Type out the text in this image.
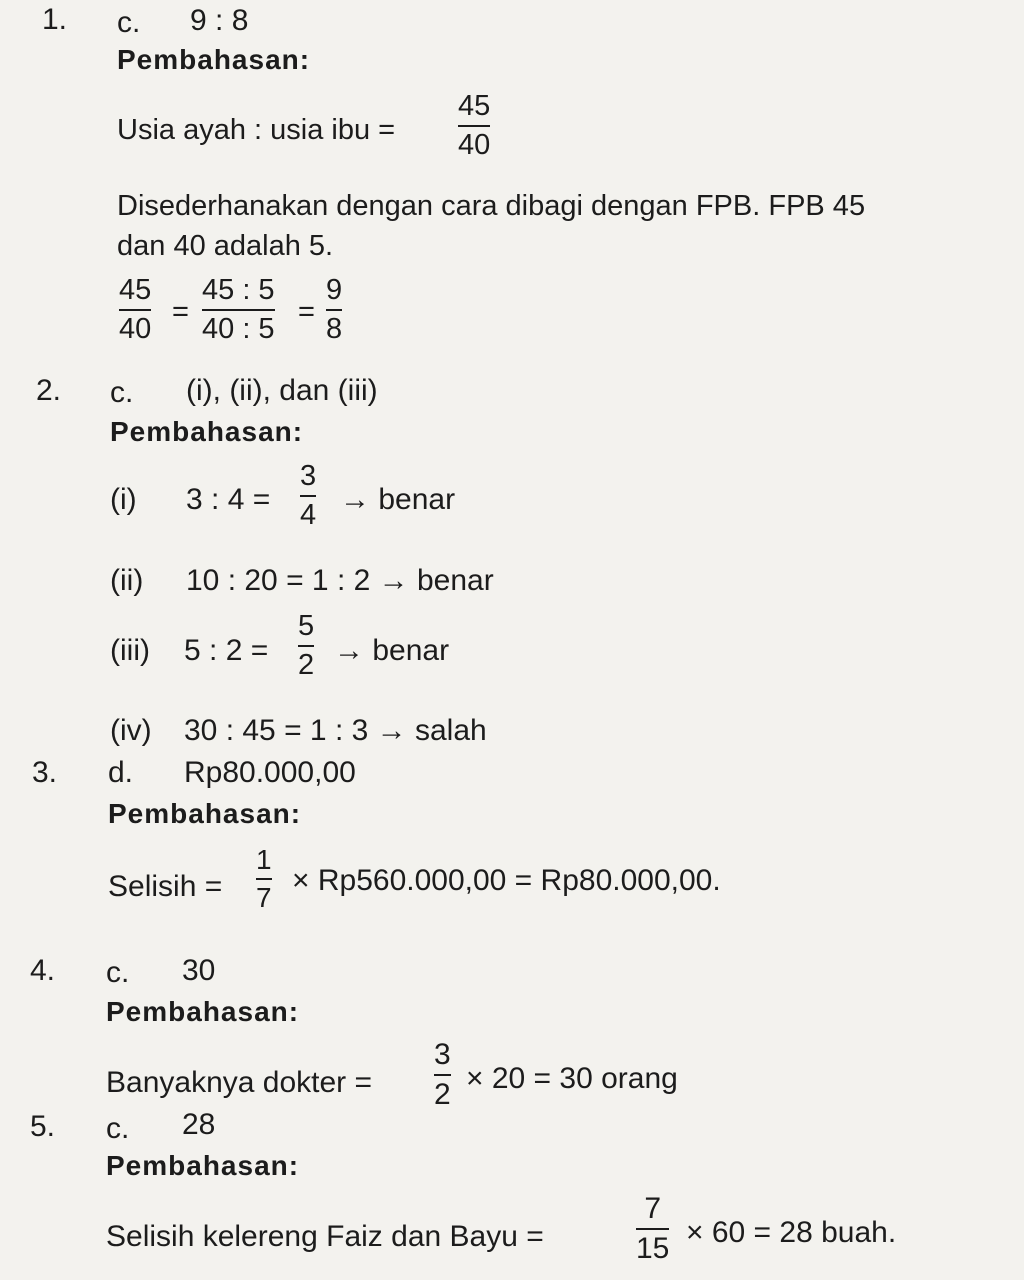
1. c. 9 : 8
Pembahasan:
Usia ayah : usia ibu =
45
40
Disederhanakan dengan cara dibagi dengan FPB. FPB 45
dan 40 adalah 5.
45
40
=
45 : 5
40 : 5
=
9
8
2. c. (i), (ii), dan (iii)
Pembahasan:
(i) 3 : 4 =
3
4 → benar
(ii) 10 : 20 = 1 : 2 → benar
(iii) 5 : 2 =
5
2 → benar
(iv) 30 : 45 = 1 : 3 → salah
3. d. Rp80.000,00
Pembahasan:
Selisih =
1
7
× Rp560.000,00 = Rp80.000,00.
4. c. 30
Pembahasan:
Banyaknya dokter =
3
2 × 20 = 30 orang
5. c. 28
Pembahasan:
Selisih kelereng Faiz dan Bayu =
7
15 × 60 = 28 buah.
